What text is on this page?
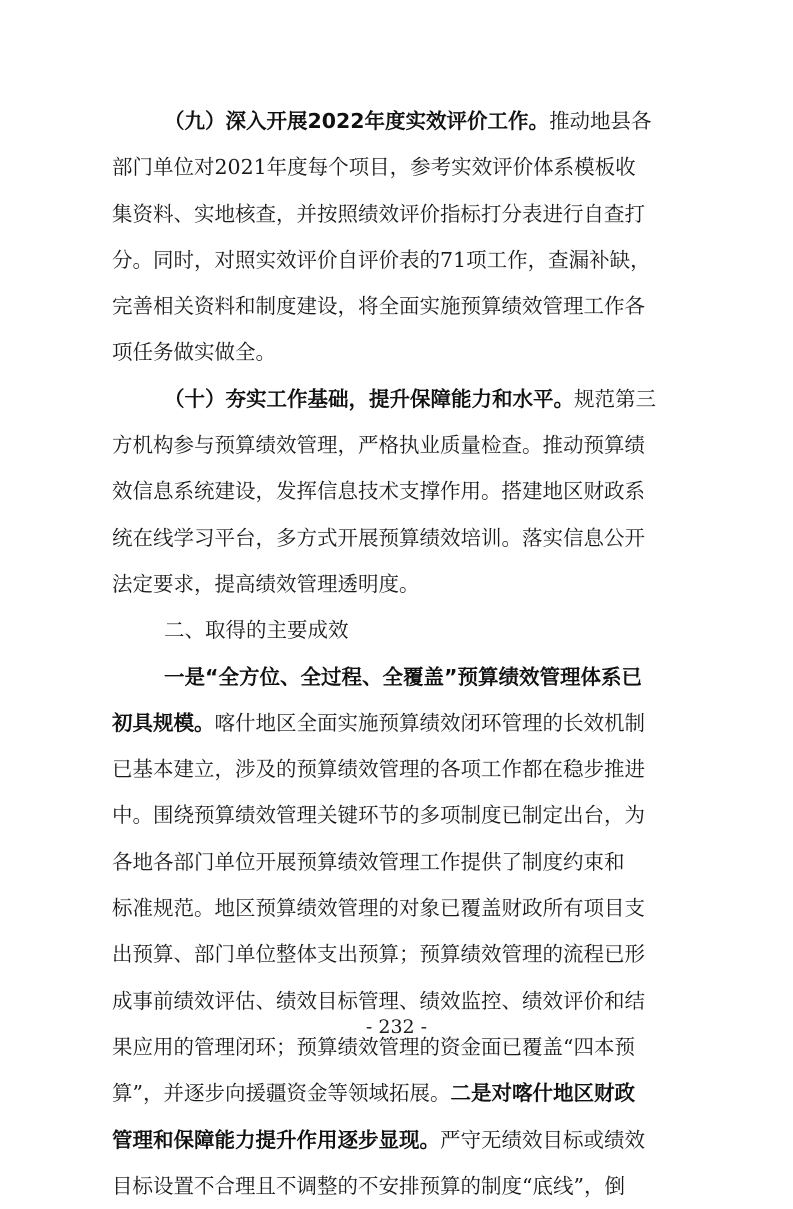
（九）深入开展2022年度实效评价工作。推动地县各
部门单位对2021年度每个项目，参考实效评价体系模板收
集资料、实地核查，并按照绩效评价指标打分表进行自查打
分。同时，对照实效评价自评价表的71项工作，查漏补缺，
完善相关资料和制度建设，将全面实施预算绩效管理工作各
项任务做实做全。
（十）夯实工作基础，提升保障能力和水平。规范第三
方机构参与预算绩效管理，严格执业质量检查。推动预算绩
效信息系统建设，发挥信息技术支撑作用。搭建地区财政系
统在线学习平台，多方式开展预算绩效培训。落实信息公开
法定要求，提高绩效管理透明度。
二、取得的主要成效
一是“全方位、全过程、全覆盖”预算绩效管理体系已
初具规模。喀什地区全面实施预算绩效闭环管理的长效机制
已基本建立，涉及的预算绩效管理的各项工作都在稳步推进
中。围绕预算绩效管理关键环节的多项制度已制定出台，为
各地各部门单位开展预算绩效管理工作提供了制度约束和
标准规范。地区预算绩效管理的对象已覆盖财政所有项目支
出预算、部门单位整体支出预算；预算绩效管理的流程已形
成事前绩效评估、绩效目标管理、绩效监控、绩效评价和结
果应用的管理闭环；预算绩效管理的资金面已覆盖“四本预
算”，并逐步向援疆资金等领域拓展。二是对喀什地区财政
管理和保障能力提升作用逐步显现。严守无绩效目标或绩效
目标设置不合理且不调整的不安排预算的制度“底线”，倒
- 232 -
